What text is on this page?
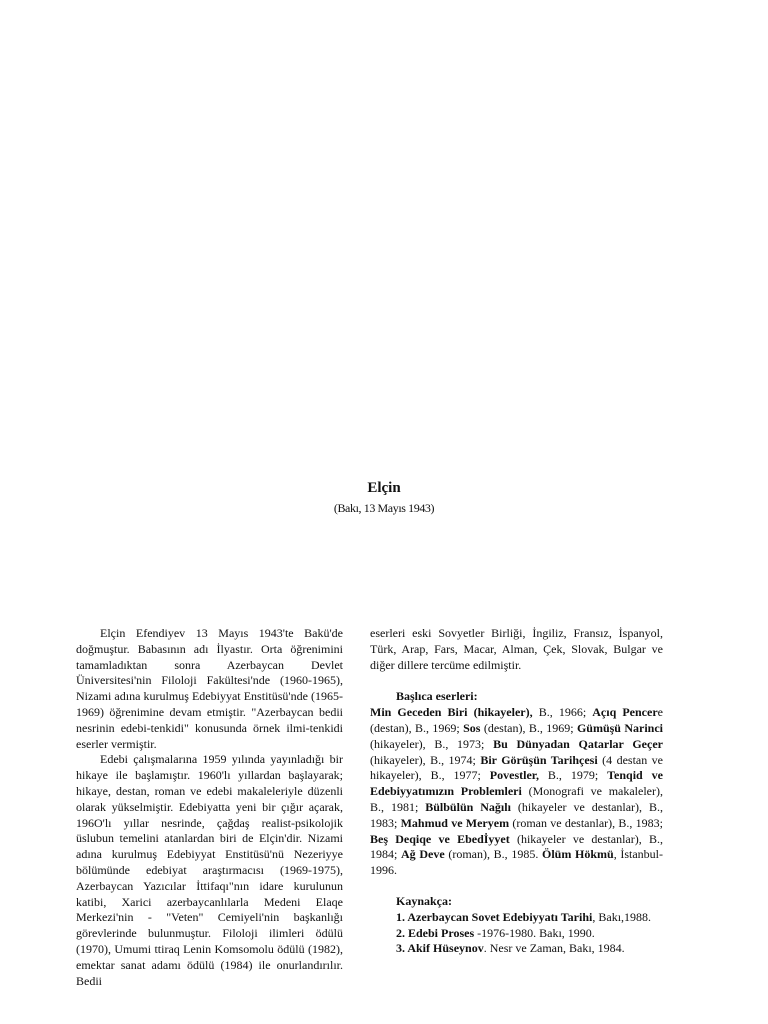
Elçin

(Bakı, 13 Mayıs 1943)

Elçin Efendiyev 13 Mayıs 1943'te Bakü'de doğmuştur. Babasının adı İlyastır. Orta öğrenimini tamamladıktan sonra Azerbaycan Devlet Üniversitesi'nin Filoloji Fakültesi'nde (1960-1965), Nizami adına kurulmuş Edebiyyat Enstitüsü'nde (1965-1969) öğrenimine devam etmiştir. "Azerbaycan bedii nesrinin edebi-tenkidi" konusunda örnek ilmi-tenkidi eserler vermiştir.

Edebi çalışmalarına 1959 yılında yayınladığı bir hikaye ile başlamıştır. 1960'lı yıllardan başlayarak; hikaye, destan, roman ve edebi makaleleriyle düzenli olarak yükselmiştir. Edebiyatta yeni bir çığır açarak, 196O'lı yıllar nesrinde, çağdaş realist-psikolojik üslubun temelini atanlardan biri de Elçin'dir. Nizami adına kurulmuş Edebiyyat Enstitüsü'nü Nezeriyye bölümünde edebiyat araştırmacısı (1969-1975), Azerbaycan Yazıcılar İttifaqı"nın idare kurulunun katibi, Xarici azerbaycanlılarla Medeni Elaqe Merkezi'nin - "Veten" Cemiyeli'nin başkanlığı görevlerinde bulunmuştur. Filoloji ilimleri ödülü (1970), Umumi ttiraq Lenin Komsomolu ödülü (1982), emektar sanat adamı ödülü (1984) ile onurlandırılır. Bedii

eserleri eski Sovyetler Birliği, İngiliz, Fransız, İspanyol, Türk, Arap, Fars, Macar, Alman, Çek, Slovak, Bulgar ve diğer dillere tercüme edilmiştir.

Başlıca eserleri:

Min Geceden Biri (hikayeler), B., 1966; Açıq Pencere (destan), B., 1969; Sos (destan), B., 1969; Gümüşü Narinci (hikayeler), B., 1973; Bu Dünyadan Qatarlar Geçer (hikayeler), B., 1974; Bir Görüşün Tarihçesi (4 destan ve hikayeler), B., 1977; Povestler, B., 1979; Tenqid ve Edebiyyatımızın Problemleri (Monografi ve makaleler), B., 1981; Bülbülün Nağılı (hikayeler ve destanlar), B., 1983; Mahmud ve Meryem (roman ve destanlar), B., 1983; Beş Deqiqe ve Ebedİyyet (hikayeler ve destanlar), B., 1984; Ağ Deve (roman), B., 1985. Ölüm Hökmü, İstanbul-1996.

Kaynakça:

1. Azerbaycan Sovet Edebiyyatı Tarihi, Bakı,1988.

2. Edebi Proses -1976-1980. Bakı, 1990.

3. Akif Hüseynov. Nesr ve Zaman, Bakı, 1984.
